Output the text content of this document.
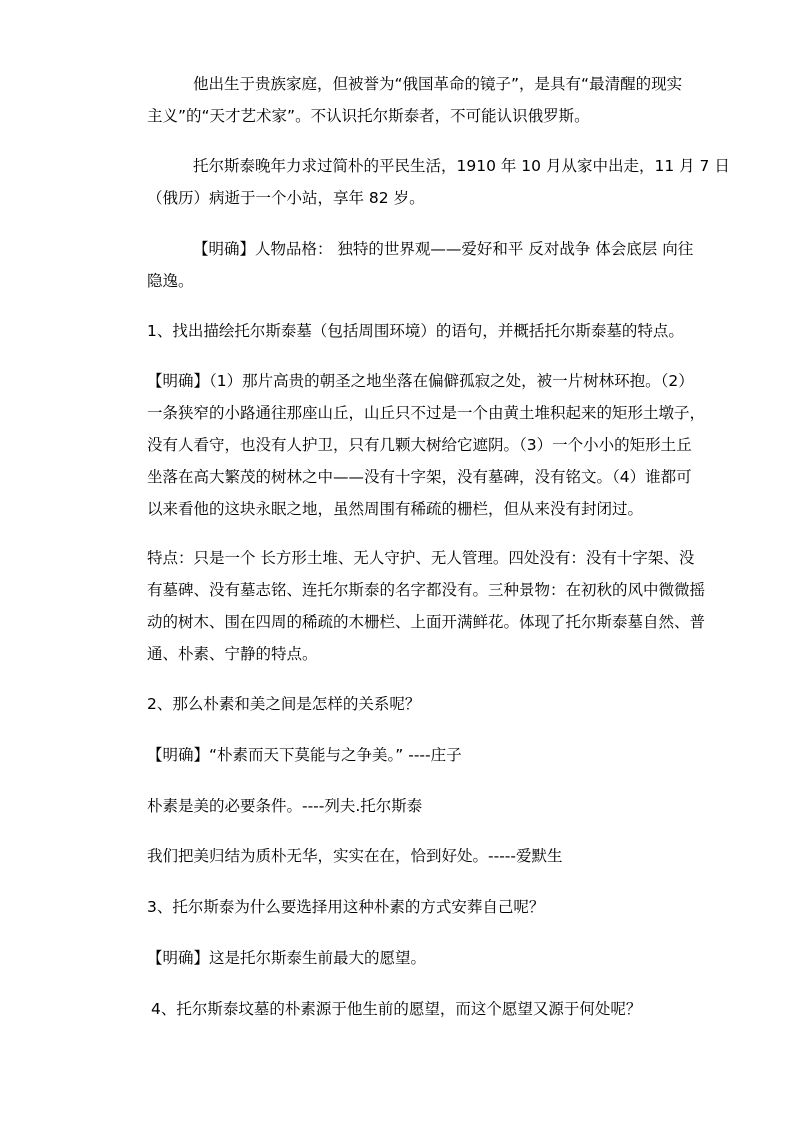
他出生于贵族家庭，但被誉为“俄国革命的镜子”，是具有“最清醒的现实
主义”的“天才艺术家”。不认识托尔斯泰者，不可能认识俄罗斯。

托尔斯泰晚年力求过简朴的平民生活，1910 年 10 月从家中出走，11 月 7 日
（俄历）病逝于一个小站，享年 82 岁。

【明确】人物品格： 独特的世界观——爱好和平 反对战争 体会底层 向往
隐逸。

1、找出描绘托尔斯泰墓（包括周围环境）的语句，并概括托尔斯泰墓的特点。

【明确】（1）那片高贵的朝圣之地坐落在偏僻孤寂之处，被一片树林环抱。（2）
一条狭窄的小路通往那座山丘，山丘只不过是一个由黄土堆积起来的矩形土墩子，
没有人看守，也没有人护卫，只有几颗大树给它遮阴。（3）一个小小的矩形土丘
坐落在高大繁茂的树林之中——没有十字架，没有墓碑，没有铭文。（4）谁都可
以来看他的这块永眠之地，虽然周围有稀疏的栅栏，但从来没有封闭过。

特点：只是一个 长方形土堆、无人守护、无人管理。四处没有：没有十字架、没
有墓碑、没有墓志铭、连托尔斯泰的名字都没有。三种景物：在初秋的风中微微摇
动的树木、围在四周的稀疏的木栅栏、上面开满鲜花。体现了托尔斯泰墓自然、普
通、朴素、宁静的特点。

2、那么朴素和美之间是怎样的关系呢？

【明确】“朴素而天下莫能与之争美。” ----庄子

朴素是美的必要条件。----列夫.托尔斯泰

我们把美归结为质朴无华，实实在在，恰到好处。-----爱默生

3、托尔斯泰为什么要选择用这种朴素的方式安葬自己呢？

【明确】这是托尔斯泰生前最大的愿望。

4、托尔斯泰坟墓的朴素源于他生前的愿望，而这个愿望又源于何处呢？
